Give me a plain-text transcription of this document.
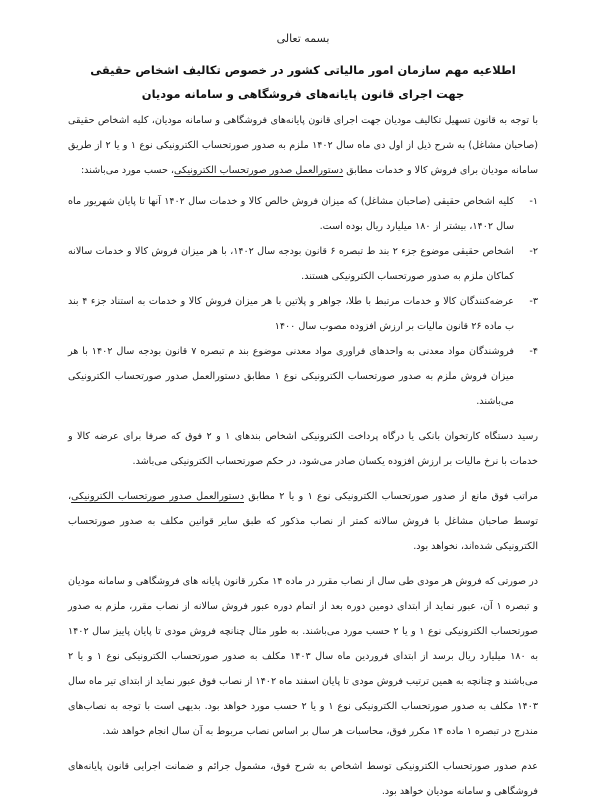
بسمه تعالی

اطلاعیه مهم سازمان امور مالیاتی کشور در خصوص تکالیف اشخاص حقیقی
جهت اجرای قانون پایانه‌های فروشگاهی و سامانه مودیان

با توجه به قانون تسهیل تکالیف مودیان جهت اجرای قانون پایانه‌های فروشگاهی و سامانه مودیان، کلیه اشخاص حقیقی (صاحبان مشاغل) به شرح ذیل از اول دی ماه سال ۱۴۰۲ ملزم به صدور صورتحساب الکترونیکی نوع ۱ و یا ۲ از طریق سامانه مودیان برای فروش کالا و خدمات مطابق دستورالعمل صدور صورتحساب الکترونیکی، حسب مورد می‌باشند:

۱-
کلیه اشخاص حقیقی (صاحبان مشاغل) که میزان فروش خالص کالا و خدمات سال ۱۴۰۲ آنها تا پایان شهریور ماه سال ۱۴۰۲، بیشتر از ۱۸۰ میلیارد ریال بوده است.
۲-
اشخاص حقیقی موضوع جزء ۲ بند ط تبصره ۶ قانون بودجه سال ۱۴۰۲، با هر میزان فروش کالا و خدمات سالانه کماکان ملزم به صدور صورتحساب الکترونیکی هستند.
۳-
عرضه‌کنندگان کالا و خدمات مرتبط با طلا، جواهر و پلاتین با هر میزان فروش کالا و خدمات به استناد جزء ۴ بند ب ماده ۲۶ قانون مالیات بر ارزش افزوده مصوب سال ۱۴۰۰
۴-
فروشندگان مواد معدنی به واحدهای فراوری مواد معدنی موضوع بند م تبصره ۷ قانون بودجه سال ۱۴۰۲ با هر میزان فروش ملزم به صدور صورتحساب الکترونیکی نوع ۱ مطابق دستورالعمل صدور صورتحساب الکترونیکی می‌باشند.

رسید دستگاه کارتخوان بانکی یا درگاه پرداخت الکترونیکی اشخاص بندهای ۱ و ۲ فوق که صرفا برای عرضه کالا و خدمات با نرخ مالیات بر ارزش افزوده یکسان صادر می‌شود، در حکم صورتحساب الکترونیکی می‌باشد.

مراتب فوق مانع از صدور صورتحساب الکترونیکی نوع ۱ و یا ۲ مطابق دستورالعمل صدور صورتحساب الکترونیکی، توسط صاحبان مشاغل با فروش سالانه کمتر از نصاب مذکور که طبق سایر قوانین مکلف به صدور صورتحساب الکترونیکی شده‌اند، نخواهد بود.

در صورتی که فروش هر مودی طی سال از نصاب مقرر در ماده ۱۴ مکرر قانون پایانه های فروشگاهی و سامانه مودیان و تبصره ۱ آن، عبور نماید از ابتدای دومین دوره بعد از اتمام دوره عبور فروش سالانه از نصاب مقرر، ملزم به صدور صورتحساب الکترونیکی نوع ۱ و یا ۲ حسب مورد می‌باشند. به طور مثال چنانچه فروش مودی تا پایان پاییز سال ۱۴۰۲ به ۱۸۰ میلیارد ریال برسد از ابتدای فروردین ماه سال ۱۴۰۳ مکلف به صدور صورتحساب الکترونیکی نوع ۱ و یا ۲ می‌باشند و چنانچه به همین ترتیب فروش مودی تا پایان اسفند ماه ۱۴۰۲ از نصاب فوق عبور نماید از ابتدای تیر ماه سال ۱۴۰۳ مکلف به صدور صورتحساب الکترونیکی نوع ۱ و یا ۲ حسب مورد خواهد بود. بدیهی است با توجه به نصاب‌های مندرج در تبصره ۱ ماده ۱۴ مکرر فوق، محاسبات هر سال بر اساس نصاب مربوط به آن سال انجام خواهد شد.

عدم صدور صورتحساب الکترونیکی توسط اشخاص به شرح فوق، مشمول جرائم و ضمانت اجرایی قانون پایانه‌های فروشگاهی و سامانه مودیان خواهد بود.
